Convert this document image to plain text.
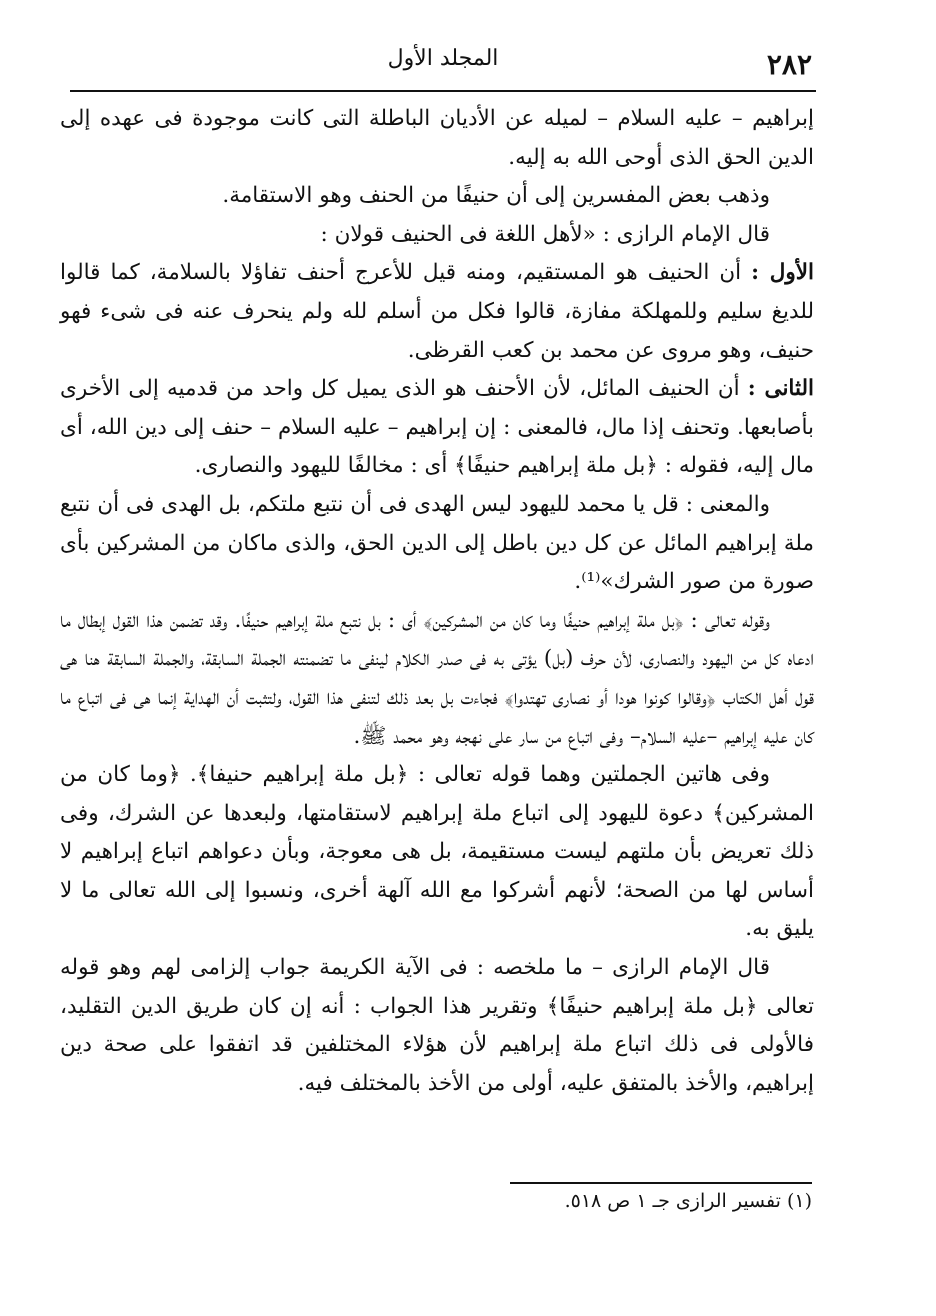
٢٨٢
المجلد الأول

إبراهيم – عليه السلام – لميله عن الأديان الباطلة التى كانت موجودة فى عهده إلى الدين الحق الذى أوحى الله به إليه.

وذهب بعض المفسرين إلى أن حنيفًا من الحنف وهو الاستقامة.

قال الإمام الرازى : «لأهل اللغة فى الحنيف قولان :

الأول : أن الحنيف هو المستقيم، ومنه قيل للأعرج أحنف تفاؤلا بالسلامة، كما قالوا للديغ سليم وللمهلكة مفازة، قالوا فكل من أسلم لله ولم ينحرف عنه فى شىء فهو حنيف، وهو مروى عن محمد بن كعب القرظى.

الثانى : أن الحنيف المائل، لأن الأحنف هو الذى يميل كل واحد من قدميه إلى الأخرى بأصابعها. وتحنف إذا مال، فالمعنى : إن إبراهيم – عليه السلام – حنف إلى دين الله، أى مال إليه، فقوله : ﴿بل ملة إبراهيم حنيفًا﴾ أى : مخالفًا لليهود والنصارى.

والمعنى : قل يا محمد لليهود ليس الهدى فى أن نتبع ملتكم، بل الهدى فى أن نتبع ملة إبراهيم المائل عن كل دين باطل إلى الدين الحق، والذى ماكان من المشركين بأى صورة من صور الشرك»⁽¹⁾.

وقوله تعالى : ﴿بل ملة إبراهيم حنيفًا وما كان من المشركين﴾ أى : بل نتبع ملة إبراهيم حنيفًا. وقد تضمن هذا القول إبطال ما ادعاه كل من اليهود والنصارى، لأن حرف (بل) يؤتى به فى صدر الكلام لينفى ما تضمنته الجملة السابقة، والجملة السابقة هنا هى قول أهل الكتاب ﴿وقالوا كونوا هودا أو نصارى تهتدوا﴾ فجاءت بل بعد ذلك لتنفى هذا القول، ولتثبت أن الهداية إنما هى فى اتباع ما كان عليه إبراهيم –عليه السلام– وفى اتباع من سار على نهجه وهو محمد ﷺ.

وفى هاتين الجملتين وهما قوله تعالى : ﴿بل ملة إبراهيم حنيفا﴾. ﴿وما كان من المشركين﴾ دعوة لليهود إلى اتباع ملة إبراهيم لاستقامتها، ولبعدها عن الشرك، وفى ذلك تعريض بأن ملتهم ليست مستقيمة، بل هى معوجة، وبأن دعواهم اتباع إبراهيم لا أساس لها من الصحة؛ لأنهم أشركوا مع الله آلهة أخرى، ونسبوا إلى الله تعالى ما لا يليق به.

قال الإمام الرازى – ما ملخصه : فى الآية الكريمة جواب إلزامى لهم وهو قوله تعالى ﴿بل ملة إبراهيم حنيفًا﴾ وتقرير هذا الجواب : أنه إن كان طريق الدين التقليد، فالأولى فى ذلك اتباع ملة إبراهيم لأن هؤلاء المختلفين قد اتفقوا على صحة دين إبراهيم، والأخذ بالمتفق عليه، أولى من الأخذ بالمختلف فيه.

(١) تفسير الرازى جـ ١ ص ٥١٨.
